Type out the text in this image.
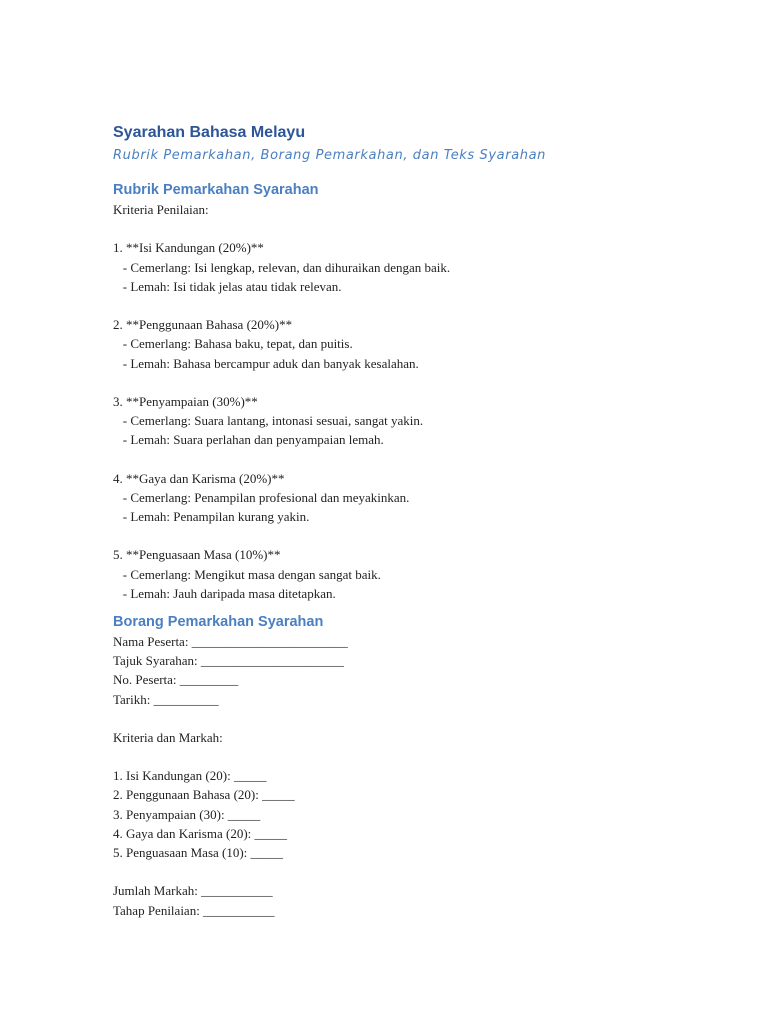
Syarahan Bahasa Melayu

Rubrik Pemarkahan, Borang Pemarkahan, dan Teks Syarahan

Rubrik Pemarkahan Syarahan

Kriteria Penilaian:

1. **Isi Kandungan (20%)**

- Cemerlang: Isi lengkap, relevan, dan dihuraikan dengan baik.

- Lemah: Isi tidak jelas atau tidak relevan.

2. **Penggunaan Bahasa (20%)**

- Cemerlang: Bahasa baku, tepat, dan puitis.

- Lemah: Bahasa bercampur aduk dan banyak kesalahan.

3. **Penyampaian (30%)**

- Cemerlang: Suara lantang, intonasi sesuai, sangat yakin.

- Lemah: Suara perlahan dan penyampaian lemah.

4. **Gaya dan Karisma (20%)**

- Cemerlang: Penampilan profesional dan meyakinkan.

- Lemah: Penampilan kurang yakin.

5. **Penguasaan Masa (10%)**

- Cemerlang: Mengikut masa dengan sangat baik.

- Lemah: Jauh daripada masa ditetapkan.

Borang Pemarkahan Syarahan

Nama Peserta: ________________________

Tajuk Syarahan: ______________________

No. Peserta: _________

Tarikh: __________

Kriteria dan Markah:

1. Isi Kandungan (20): _____

2. Penggunaan Bahasa (20): _____

3. Penyampaian (30): _____

4. Gaya dan Karisma (20): _____

5. Penguasaan Masa (10): _____

Jumlah Markah: ___________

Tahap Penilaian: ___________
